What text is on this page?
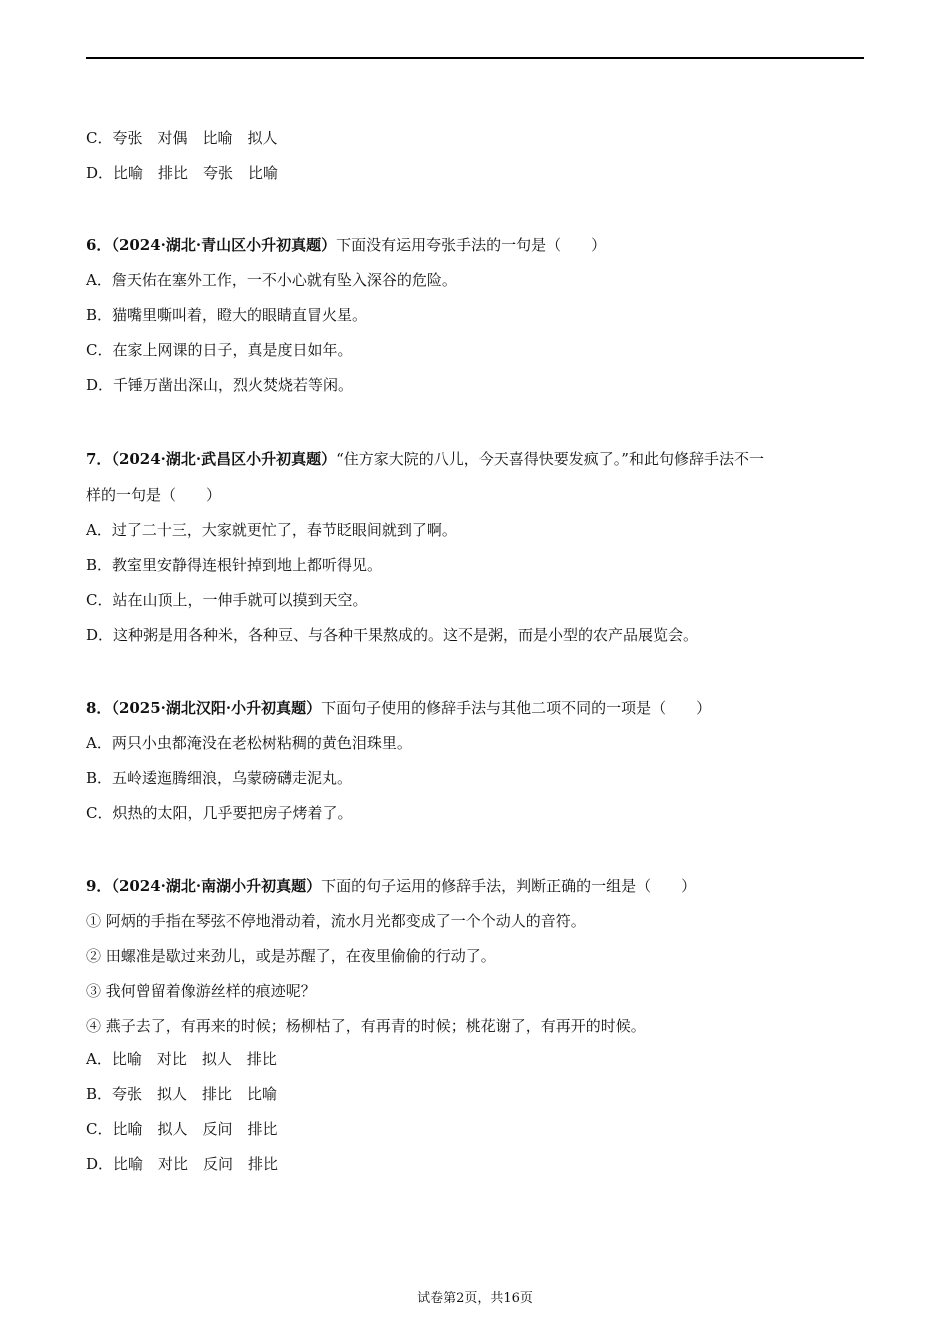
C．夸张　对偶　比喻　拟人
D．比喻　排比　夸张　比喻
6．（2024·湖北·青山区小升初真题）下面没有运用夸张手法的一句是（　　）
A．詹天佑在塞外工作，一不小心就有坠入深谷的危险。
B．猫嘴里嘶叫着，瞪大的眼睛直冒火星。
C．在家上网课的日子，真是度日如年。
D．千锤万凿出深山，烈火焚烧若等闲。
7．（2024·湖北·武昌区小升初真题）“住方家大院的八儿，今天喜得快要发疯了。”和此句修辞手法不一
样的一句是（　　）
A．过了二十三，大家就更忙了，春节眨眼间就到了啊。
B．教室里安静得连根针掉到地上都听得见。
C．站在山顶上，一伸手就可以摸到天空。
D．这种粥是用各种米，各种豆、与各种干果熬成的。这不是粥，而是小型的农产品展览会。
8．（2025·湖北汉阳·小升初真题）下面句子使用的修辞手法与其他二项不同的一项是（　　）
A．两只小虫都淹没在老松树粘稠的黄色泪珠里。
B．五岭逶迤腾细浪，乌蒙磅礴走泥丸。
C．炽热的太阳，几乎要把房子烤着了。
9．（2024·湖北·南湖小升初真题）下面的句子运用的修辞手法，判断正确的一组是（　　）
① 阿炳的手指在琴弦不停地滑动着，流水月光都变成了一个个动人的音符。
② 田螺准是歇过来劲儿，或是苏醒了，在夜里偷偷的行动了。
③ 我何曾留着像游丝样的痕迹呢？
④ 燕子去了，有再来的时候；杨柳枯了，有再青的时候；桃花谢了，有再开的时候。
A．比喻　对比　拟人　排比
B．夸张　拟人　排比　比喻
C．比喻　拟人　反问　排比
D．比喻　对比　反问　排比
试卷第2页，共16页
